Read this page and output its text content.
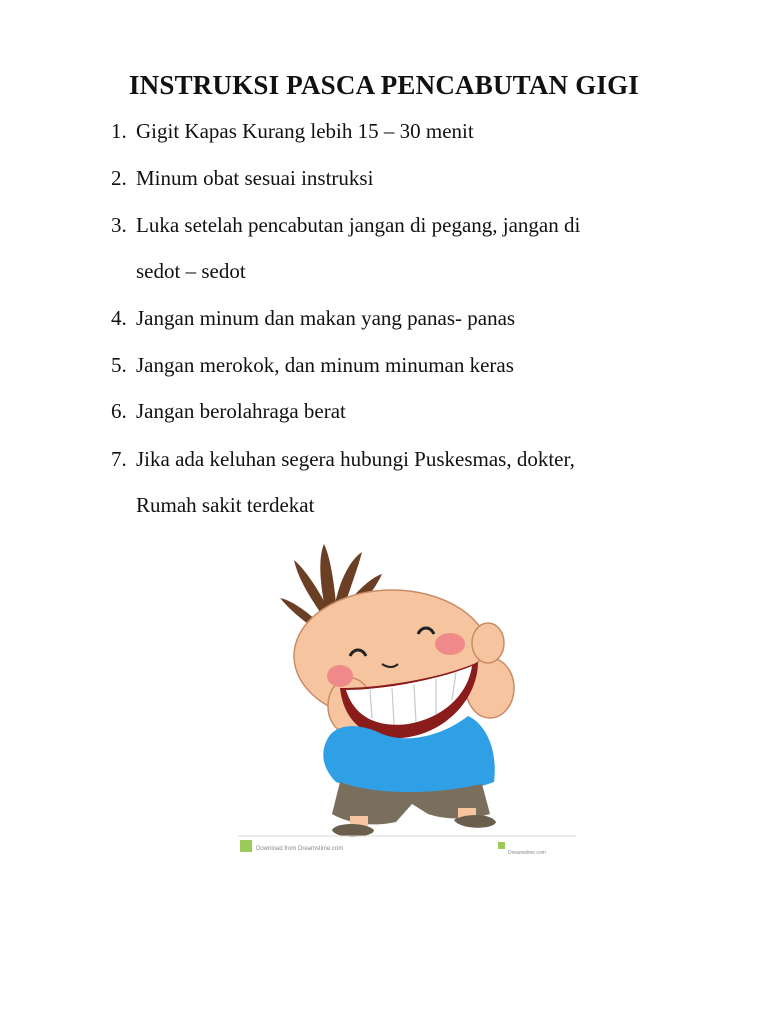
INSTRUKSI PASCA PENCABUTAN GIGI
1. Gigit Kapas Kurang lebih 15 – 30 menit
2. Minum obat sesuai instruksi
3. Luka setelah pencabutan jangan di pegang, jangan di
sedot – sedot
4. Jangan minum dan makan yang panas- panas
5. Jangan merokok, dan minum minuman keras
6. Jangan berolahraga berat
7. Jika ada keluhan segera hubungi Puskesmas, dokter,
Rumah sakit terdekat
Download from Dreamstime.com
Dreamstime.com
